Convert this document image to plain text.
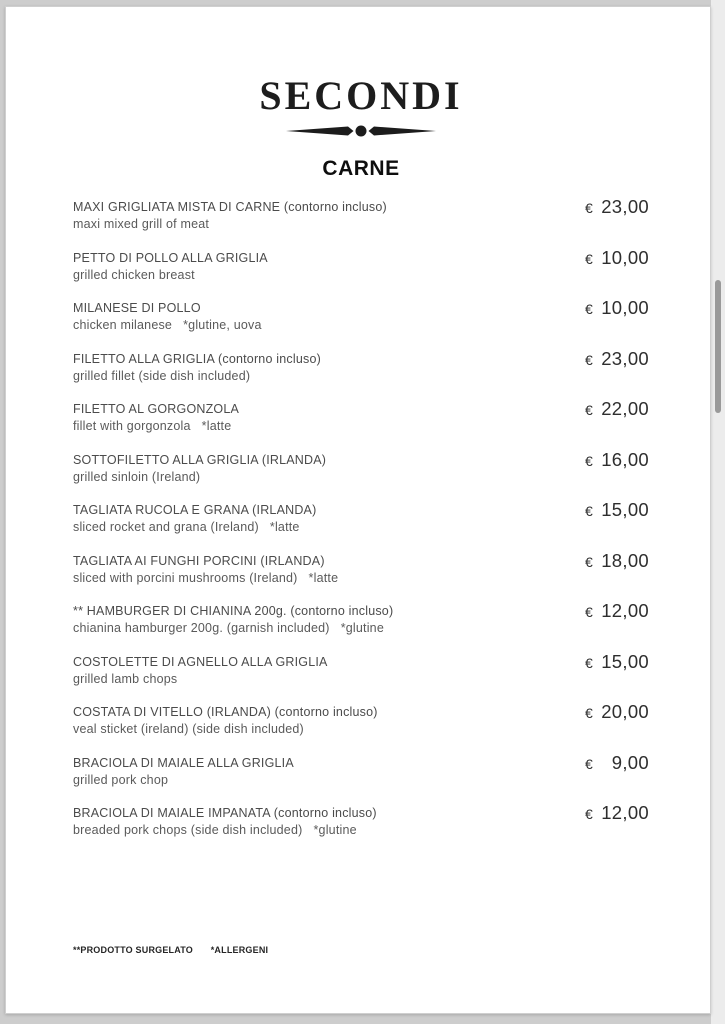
SECONDI
CARNE
MAXI GRIGLIATA MISTA DI CARNE (contorno incluso)
maxi mixed grill of meat
€ 23,00
PETTO DI POLLO ALLA GRIGLIA
grilled chicken breast
€ 10,00
MILANESE DI POLLO
chicken milanese   *glutine, uova
€ 10,00
FILETTO ALLA GRIGLIA (contorno incluso)
grilled fillet (side dish included)
€ 23,00
FILETTO AL GORGONZOLA
fillet with gorgonzola   *latte
€ 22,00
SOTTOFILETTO ALLA GRIGLIA (IRLANDA)
grilled sinloin (Ireland)
€ 16,00
TAGLIATA RUCOLA E GRANA (IRLANDA)
sliced rocket and grana (Ireland)   *latte
€ 15,00
TAGLIATA AI FUNGHI PORCINI (IRLANDA)
sliced with porcini mushrooms (Ireland)   *latte
€ 18,00
** HAMBURGER DI CHIANINA 200g. (contorno incluso)
chianina hamburger 200g. (garnish included)   *glutine
€ 12,00
COSTOLETTE DI AGNELLO ALLA GRIGLIA
grilled lamb chops
€ 15,00
COSTATA DI VITELLO (IRLANDA) (contorno incluso)
veal sticket (ireland) (side dish included)
€ 20,00
BRACIOLA DI MAIALE ALLA GRIGLIA
grilled pork chop
€ 9,00
BRACIOLA DI MAIALE IMPANATA (contorno incluso)
breaded pork chops (side dish included)   *glutine
€ 12,00
**PRODOTTO SURGELATO *ALLERGENI
